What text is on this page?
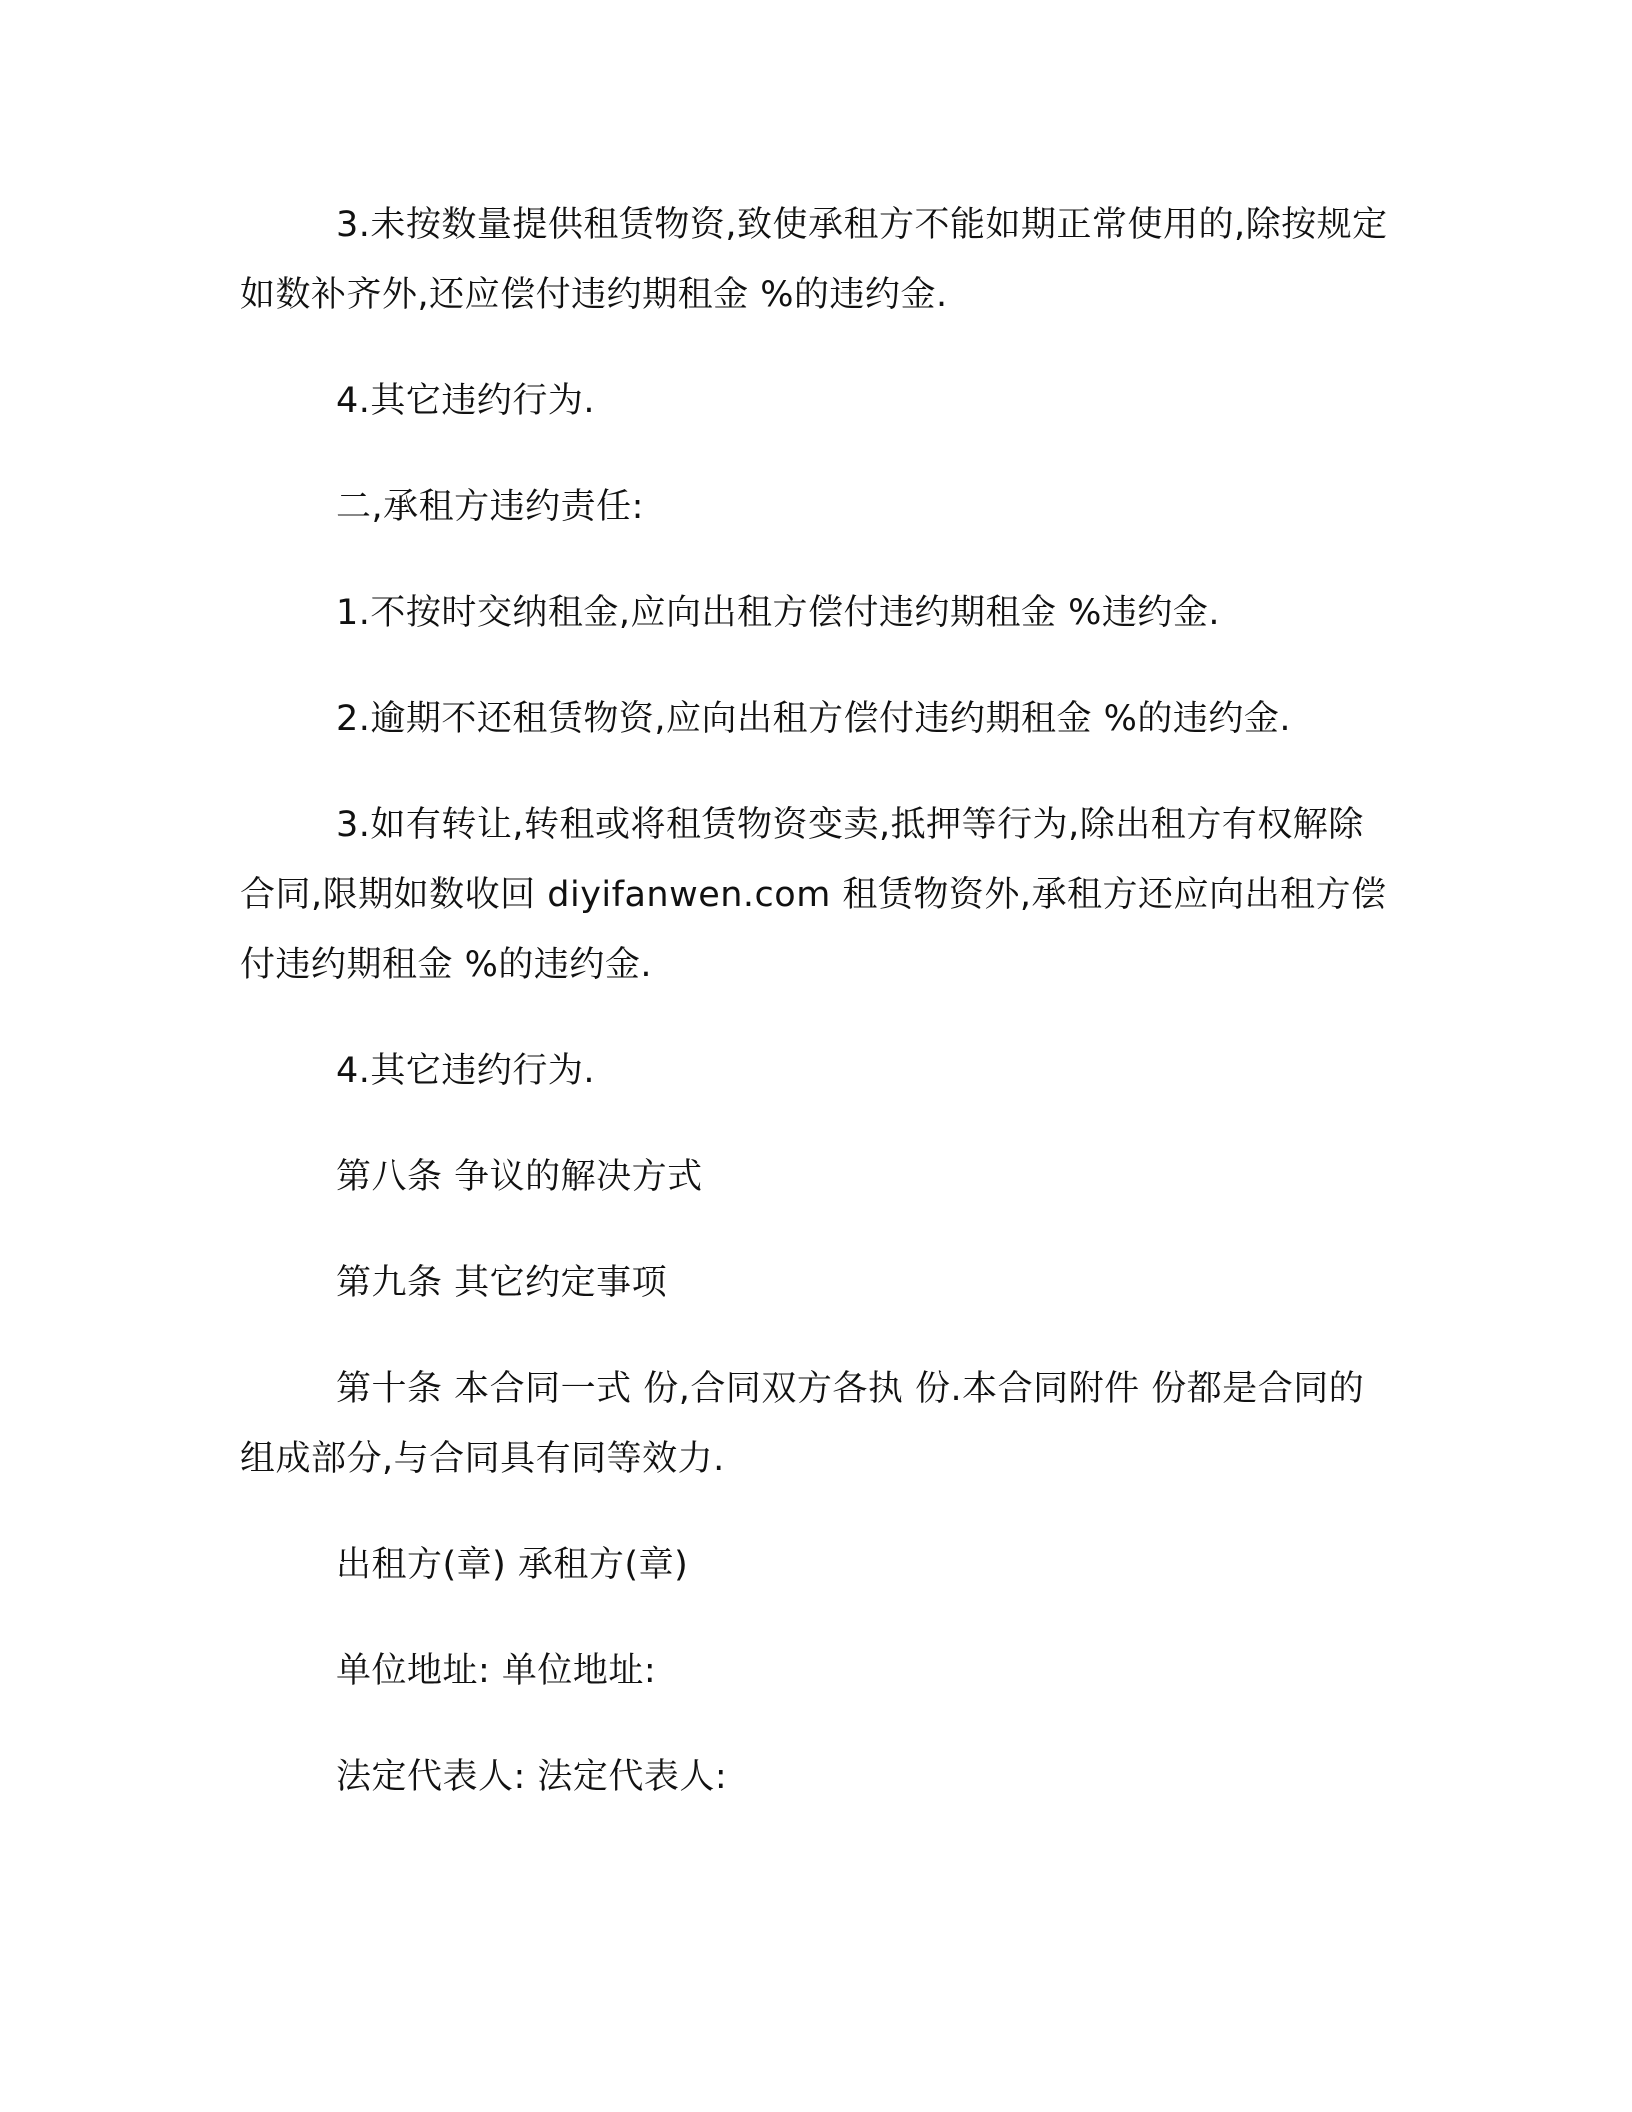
3.未按数量提供租赁物资,致使承租方不能如期正常使用的,除按规定如数补齐外,还应偿付违约期租金 %的违约金.

4.其它违约行为.

二,承租方违约责任:

1.不按时交纳租金,应向出租方偿付违约期租金 %违约金.

2.逾期不还租赁物资,应向出租方偿付违约期租金 %的违约金.

3.如有转让,转租或将租赁物资变卖,抵押等行为,除出租方有权解除合同,限期如数收回 diyifanwen.com 租赁物资外,承租方还应向出租方偿付违约期租金 %的违约金.

4.其它违约行为.

第八条 争议的解决方式

第九条 其它约定事项

第十条 本合同一式 份,合同双方各执 份.本合同附件 份都是合同的组成部分,与合同具有同等效力.

出租方(章) 承租方(章)

单位地址: 单位地址:

法定代表人: 法定代表人:
